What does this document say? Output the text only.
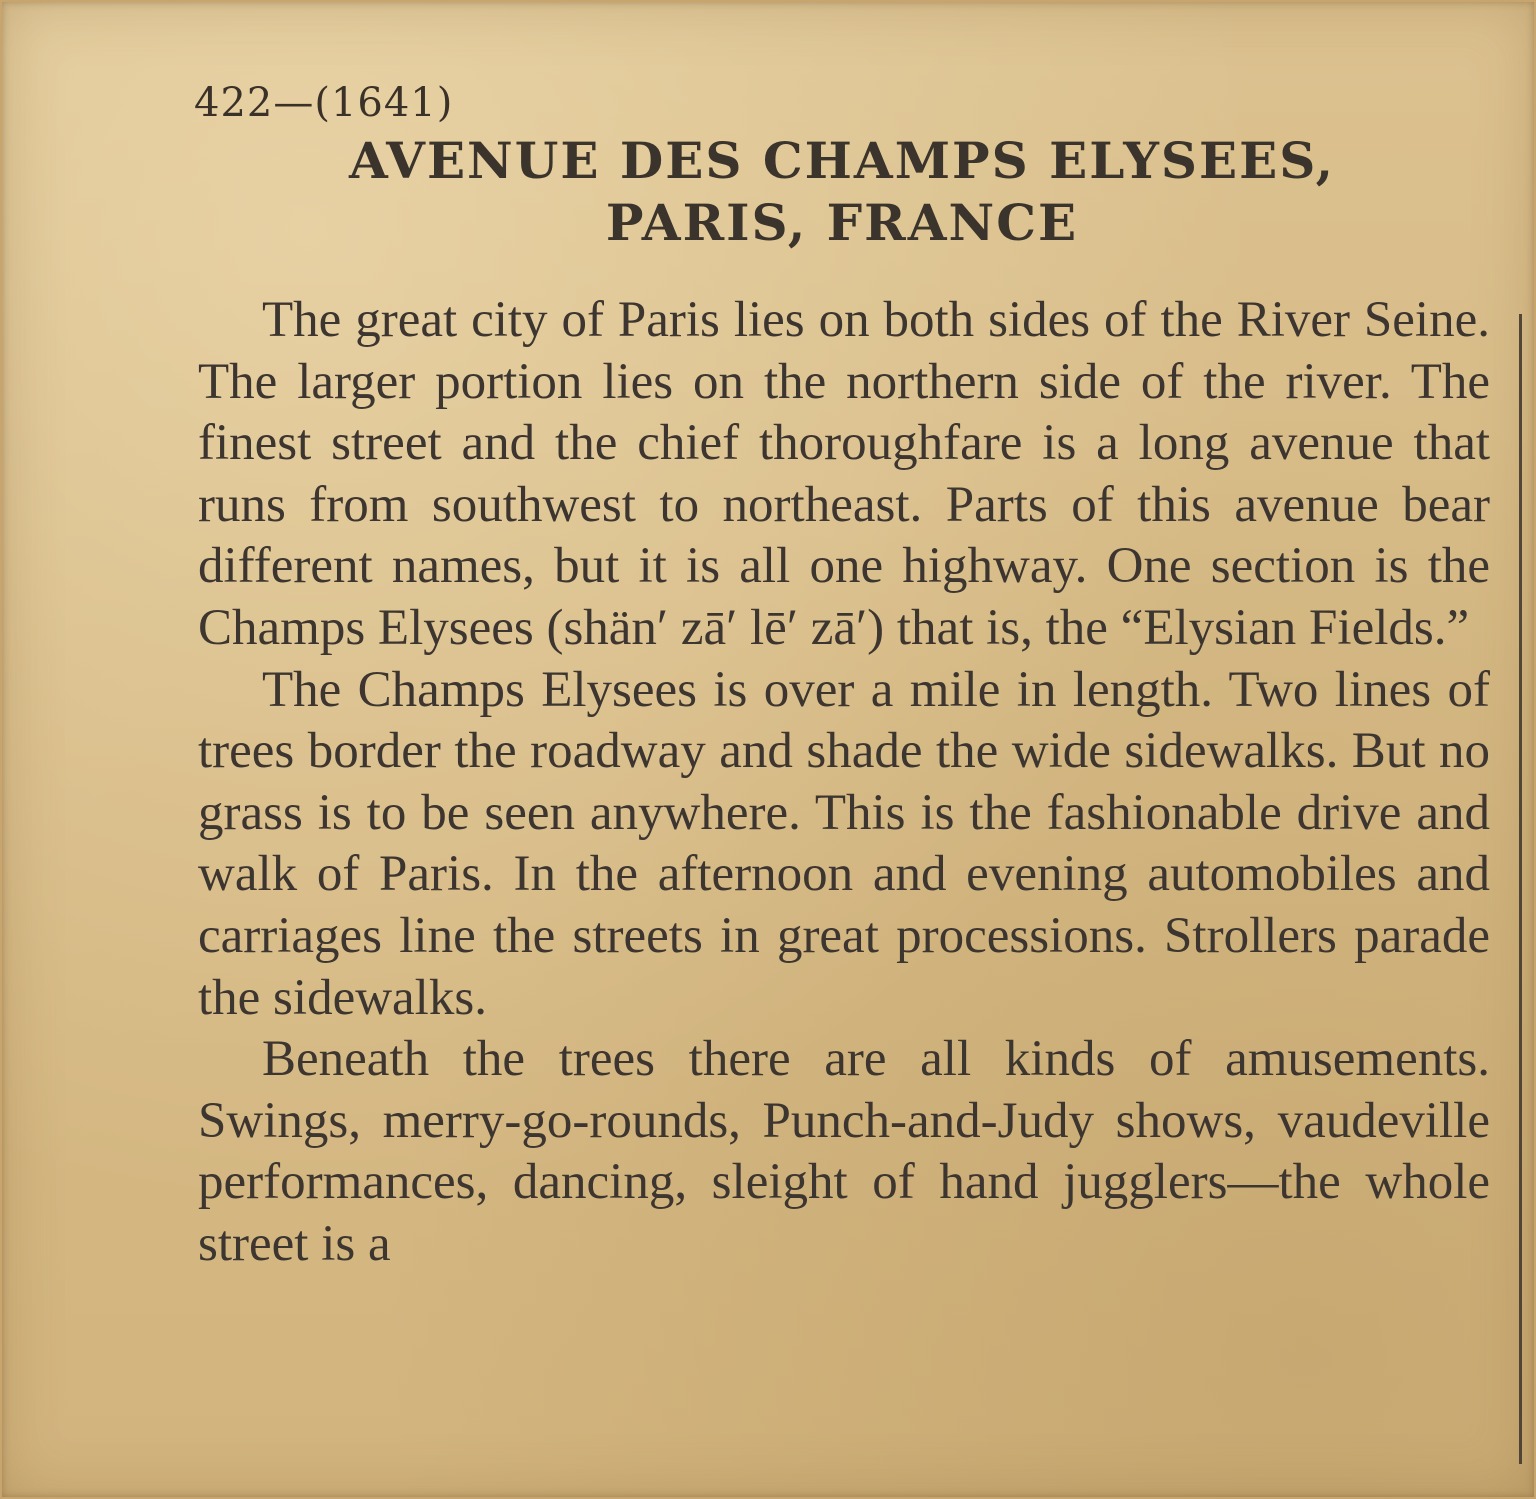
422—(1641)
AVENUE DES CHAMPS ELYSEES,
PARIS, FRANCE

The great city of Paris lies on both sides of the River Seine. The larger portion lies on the northern side of the river. The finest street and the chief thoroughfare is a long avenue that runs from southwest to northeast. Parts of this avenue bear different names, but it is all one highway. One section is the Champs Elysees (shän′ zā′ lē′ zā′) that is, the “Elysian Fields.”

The Champs Elysees is over a mile in length. Two lines of trees border the roadway and shade the wide sidewalks. But no grass is to be seen anywhere. This is the fashionable drive and walk of Paris. In the afternoon and evening automobiles and carriages line the streets in great processions. Strollers parade the sidewalks.

Beneath the trees there are all kinds of amusements. Swings, merry-go-rounds, Punch-and-Judy shows, vaudeville performances, dancing, sleight of hand jugglers—the whole street is a
